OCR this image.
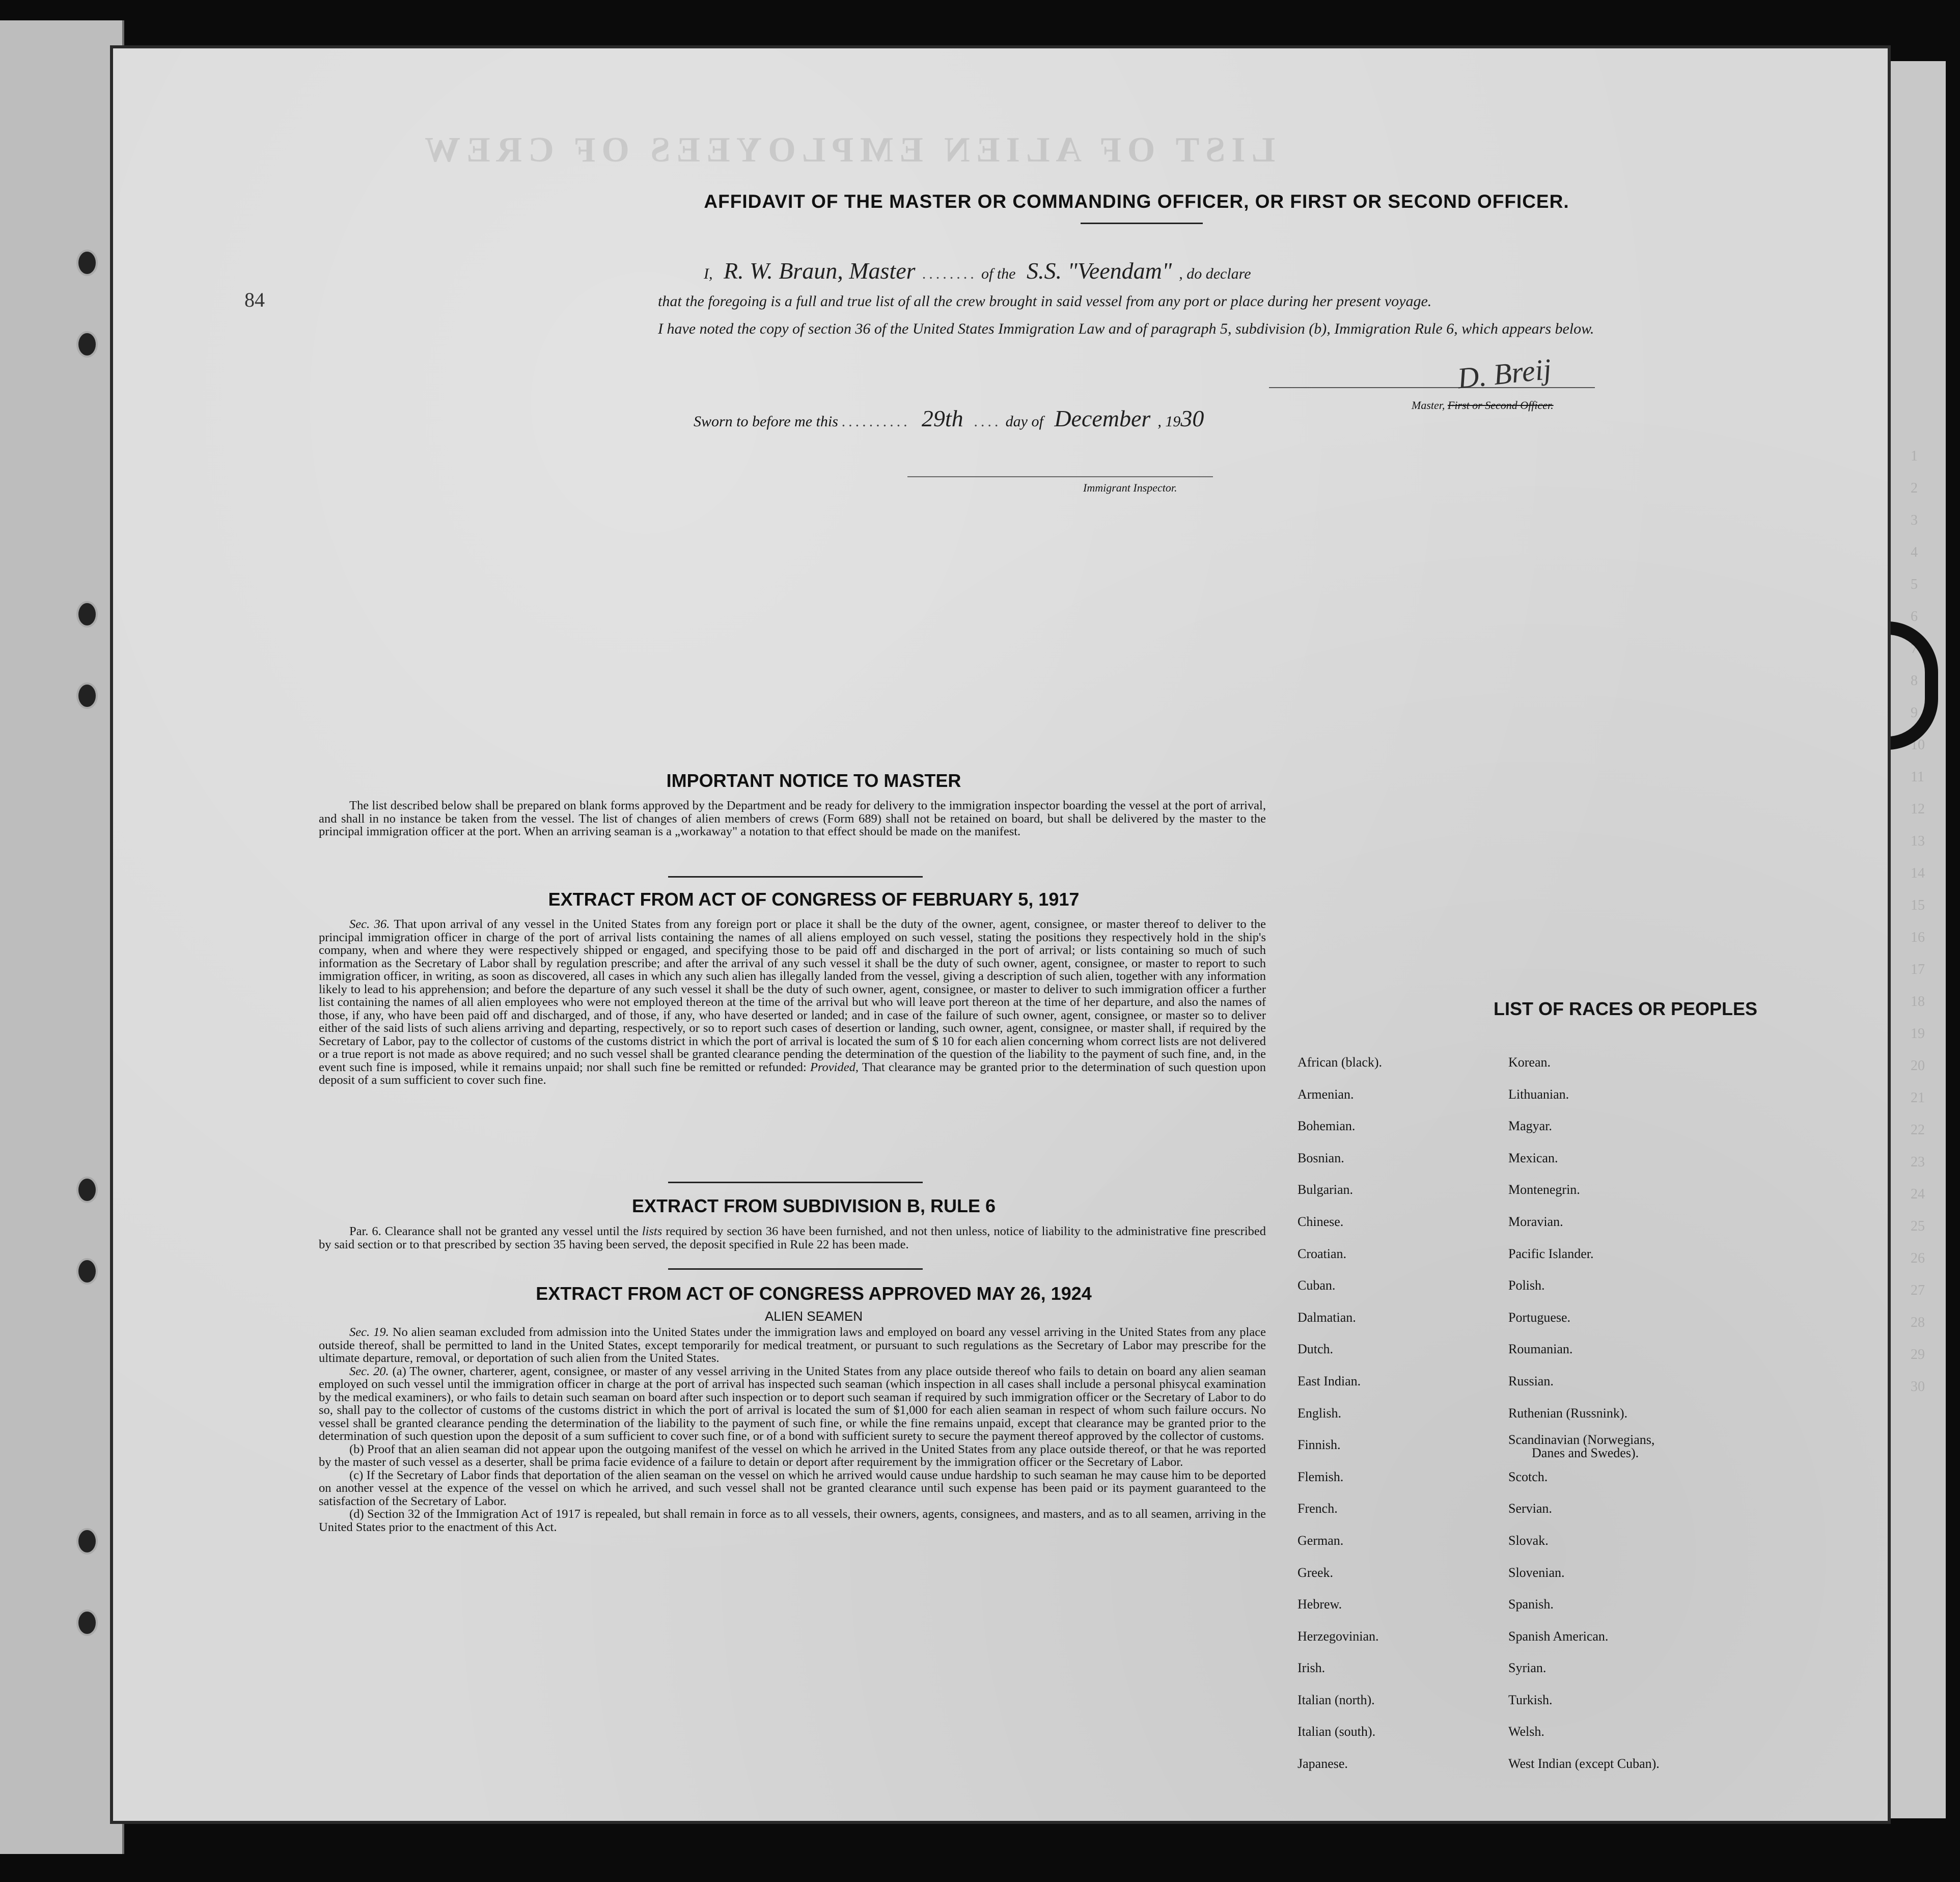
LIST OF ALIEN EMPLOYEES OF CREW
1
2
3
4
5
6
7
8
9
10
11
12
13
14
15
16
17
18
19
20
21
22
23
24
25
26
27
28
29
30
84
AFFIDAVIT OF THE MASTER OR COMMANDING OFFICER, OR FIRST OR SECOND OFFICER.
I, R. W. Braun, Master ........ of the S.S. "Veendam" , do declare
that the foregoing is a full and true list of all the crew brought in said vessel from any port or place during her present voyage.
I have noted the copy of section 36 of the United States Immigration Law and of paragraph 5, subdivision (b), Immigration Rule 6, which appears below.
D. Breij
Master, First or Second Officer.
Sworn to before me this .......... 29th .... day of December , 1930
Immigrant Inspector.
IMPORTANT NOTICE TO MASTER

The list described below shall be prepared on blank forms approved by the Department and be ready for delivery to the immigration inspector boarding the vessel at the port of arrival, and shall in no instance be taken from the vessel. The list of changes of alien members of crews (Form 689) shall not be retained on board, but shall be delivered by the master to the principal immigration officer at the port. When an arriving seaman is a „workaway" a notation to that effect should be made on the manifest.

EXTRACT FROM ACT OF CONGRESS OF FEBRUARY 5, 1917

Sec. 36. That upon arrival of any vessel in the United States from any foreign port or place it shall be the duty of the owner, agent, consignee, or master thereof to deliver to the principal immigration officer in charge of the port of arrival lists containing the names of all aliens employed on such vessel, stating the positions they respectively hold in the ship's company, when and where they were respectively shipped or engaged, and specifying those to be paid off and discharged in the port of arrival; or lists containing so much of such information as the Secretary of Labor shall by regulation prescribe; and after the arrival of any such vessel it shall be the duty of such owner, agent, consignee, or master to report to such immigration officer, in writing, as soon as discovered, all cases in which any such alien has illegally landed from the vessel, giving a description of such alien, together with any information likely to lead to his apprehension; and before the departure of any such vessel it shall be the duty of such owner, agent, consignee, or master to deliver to such immigration officer a further list containing the names of all alien employees who were not employed thereon at the time of the arrival but who will leave port thereon at the time of her departure, and also the names of those, if any, who have been paid off and discharged, and of those, if any, who have deserted or landed; and in case of the failure of such owner, agent, consignee, or master so to deliver either of the said lists of such aliens arriving and departing, respectively, or so to report such cases of desertion or landing, such owner, agent, consignee, or master shall, if required by the Secretary of Labor, pay to the collector of customs of the customs district in which the port of arrival is located the sum of $ 10 for each alien concerning whom correct lists are not delivered or a true report is not made as above required; and no such vessel shall be granted clearance pending the determination of the question of the liability to the payment of such fine, and, in the event such fine is imposed, while it remains unpaid; nor shall such fine be remitted or refunded: Provided, That clearance may be granted prior to the determination of such question upon deposit of a sum sufficient to cover such fine.

EXTRACT FROM SUBDIVISION B, RULE 6

Par. 6. Clearance shall not be granted any vessel until the lists required by section 36 have been furnished, and not then unless, notice of liability to the administrative fine prescribed by said section or to that prescribed by section 35 having been served, the deposit specified in Rule 22 has been made.

EXTRACT FROM ACT OF CONGRESS APPROVED MAY 26, 1924
ALIEN SEAMEN

Sec. 19. No alien seaman excluded from admission into the United States under the immigration laws and employed on board any vessel arriving in the United States from any place outside thereof, shall be permitted to land in the United States, except temporarily for medical treatment, or pursuant to such regulations as the Secretary of Labor may prescribe for the ultimate departure, removal, or deportation of such alien from the United States.

Sec. 20. (a) The owner, charterer, agent, consignee, or master of any vessel arriving in the United States from any place outside thereof who fails to detain on board any alien seaman employed on such vessel until the immigration officer in charge at the port of arrival has inspected such seaman (which inspection in all cases shall include a personal phisycal examination by the medical examiners), or who fails to detain such seaman on board after such inspection or to deport such seaman if required by such immigration officer or the Secretary of Labor to do so, shall pay to the collector of customs of the customs district in which the port of arrival is located the sum of $1,000 for each alien seaman in respect of whom such failure occurs. No vessel shall be granted clearance pending the determination of the liability to the payment of such fine, or while the fine remains unpaid, except that clearance may be granted prior to the determination of such question upon the deposit of a sum sufficient to cover such fine, or of a bond with sufficient surety to secure the payment thereof approved by the collector of customs.

(b) Proof that an alien seaman did not appear upon the outgoing manifest of the vessel on which he arrived in the United States from any place outside thereof, or that he was reported by the master of such vessel as a deserter, shall be prima facie evidence of a failure to detain or deport after requirement by the immigration officer or the Secretary of Labor.

(c) If the Secretary of Labor finds that deportation of the alien seaman on the vessel on which he arrived would cause undue hardship to such seaman he may cause him to be deported on another vessel at the expence of the vessel on which he arrived, and such vessel shall not be granted clearance until such expense has been paid or its payment guaranteed to the satisfaction of the Secretary of Labor.

(d) Section 32 of the Immigration Act of 1917 is repealed, but shall remain in force as to all vessels, their owners, agents, consignees, and masters, and as to all seamen, arriving in the United States prior to the enactment of this Act.

LIST OF RACES OR PEOPLES
African (black).
Armenian.
Bohemian.
Bosnian.
Bulgarian.
Chinese.
Croatian.
Cuban.
Dalmatian.
Dutch.
East Indian.
English.
Finnish.
Flemish.
French.
German.
Greek.
Hebrew.
Herzegovinian.
Irish.
Italian (north).
Italian (south).
Japanese.
Korean.
Lithuanian.
Magyar.
Mexican.
Montenegrin.
Moravian.
Pacific Islander.
Polish.
Portuguese.
Roumanian.
Russian.
Ruthenian (Russnink).
Scandinavian (Norwegians,
Danes and Swedes).
Scotch.
Servian.
Slovak.
Slovenian.
Spanish.
Spanish American.
Syrian.
Turkish.
Welsh.
West Indian (except Cuban).
